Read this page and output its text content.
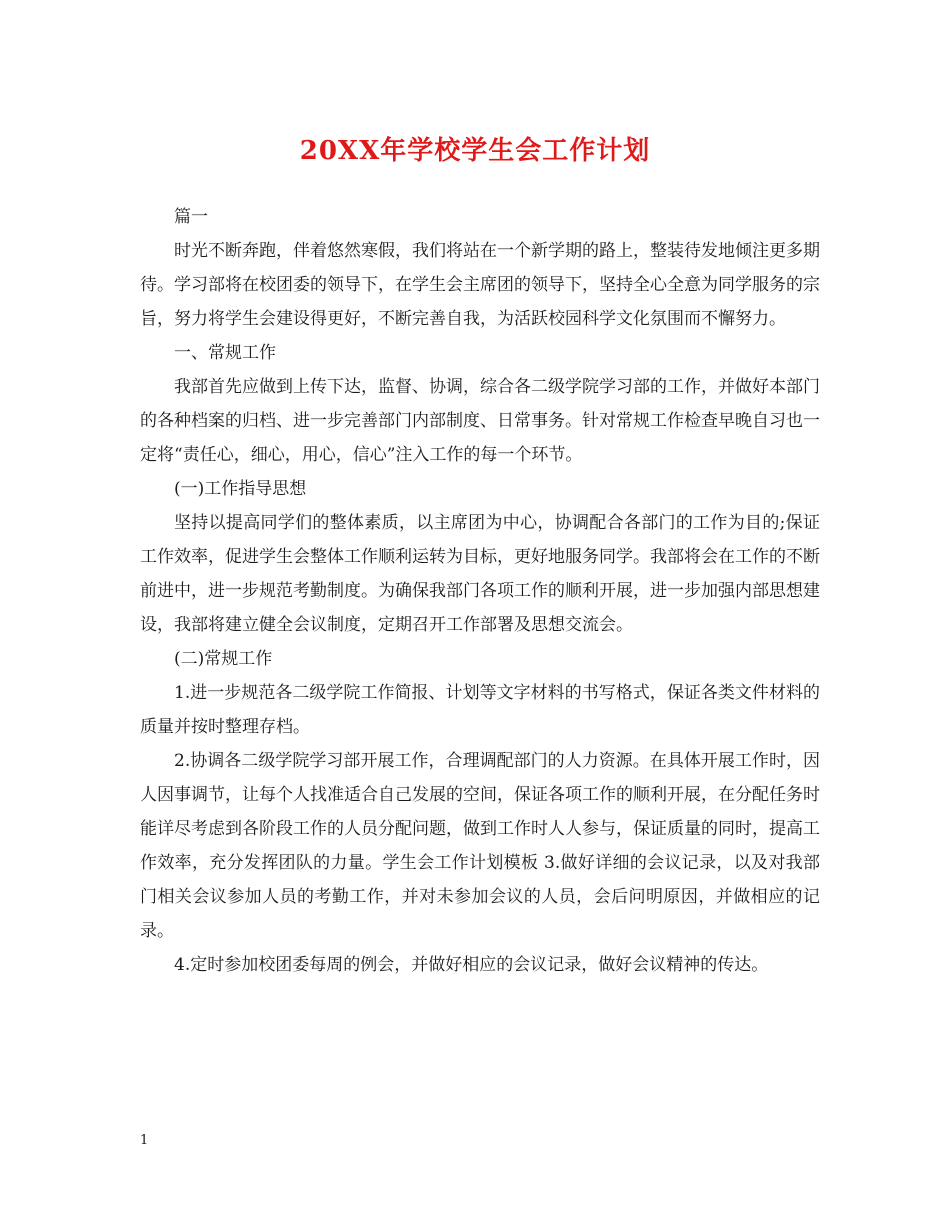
20XX年学校学生会工作计划

篇一

时光不断奔跑，伴着悠然寒假，我们将站在一个新学期的路上，整装待发地倾注更多期待。学习部将在校团委的领导下，在学生会主席团的领导下，坚持全心全意为同学服务的宗旨，努力将学生会建设得更好，不断完善自我，为活跃校园科学文化氛围而不懈努力。

一、常规工作

我部首先应做到上传下达，监督、协调，综合各二级学院学习部的工作，并做好本部门的各种档案的归档、进一步完善部门内部制度、日常事务。针对常规工作检查早晚自习也一定将“责任心，细心，用心，信心”注入工作的每一个环节。

(一)工作指导思想

坚持以提高同学们的整体素质，以主席团为中心，协调配合各部门的工作为目的;保证工作效率，促进学生会整体工作顺利运转为目标，更好地服务同学。我部将会在工作的不断前进中，进一步规范考勤制度。为确保我部门各项工作的顺利开展，进一步加强内部思想建设，我部将建立健全会议制度，定期召开工作部署及思想交流会。

(二)常规工作

1.进一步规范各二级学院工作简报、计划等文字材料的书写格式，保证各类文件材料的质量并按时整理存档。

2.协调各二级学院学习部开展工作，合理调配部门的人力资源。在具体开展工作时，因人因事调节，让每个人找准适合自己发展的空间，保证各项工作的顺利开展，在分配任务时能详尽考虑到各阶段工作的人员分配问题，做到工作时人人参与，保证质量的同时，提高工作效率，充分发挥团队的力量。学生会工作计划模板 3.做好详细的会议记录，以及对我部门相关会议参加人员的考勤工作，并对未参加会议的人员，会后问明原因，并做相应的记录。

4.定时参加校团委每周的例会，并做好相应的会议记录，做好会议精神的传达。

1
